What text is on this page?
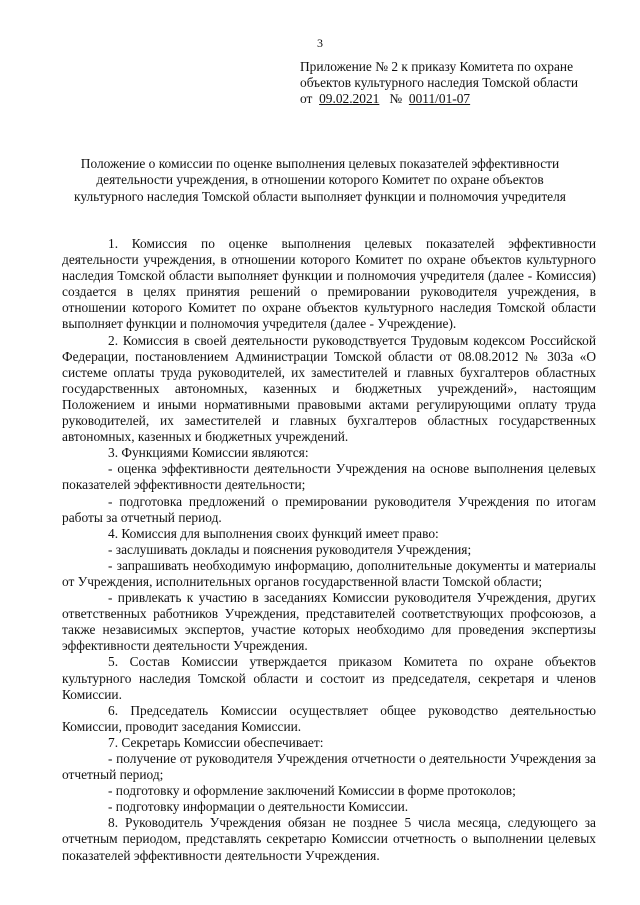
3
Приложение № 2 к приказу Комитета по охране
объектов культурного наследия Томской области
от 09.02.2021 № 0011/01-07
Положение о комиссии по оценке выполнения целевых показателей эффективности деятельности учреждения, в отношении которого Комитет по охране объектов культурного наследия Томской области выполняет функции и полномочия учредителя

1. Комиссия по оценке выполнения целевых показателей эффективности деятельности учреждения, в отношении которого Комитет по охране объектов культурного наследия Томской области выполняет функции и полномочия учредителя (далее - Комиссия) создается в целях принятия решений о премировании руководителя учреждения, в отношении которого Комитет по охране объектов культурного наследия Томской области выполняет функции и полномочия учредителя (далее - Учреждение).

2. Комиссия в своей деятельности руководствуется Трудовым кодексом Российской Федерации, постановлением Администрации Томской области от 08.08.2012 № 303а «О системе оплаты труда руководителей, их заместителей и главных бухгалтеров областных государственных автономных, казенных и бюджетных учреждений», настоящим Положением и иными нормативными правовыми актами регулирующими оплату труда руководителей, их заместителей и главных бухгалтеров областных государственных автономных, казенных и бюджетных учреждений.

3. Функциями Комиссии являются:

- оценка эффективности деятельности Учреждения на основе выполнения целевых показателей эффективности деятельности;

- подготовка предложений о премировании руководителя Учреждения по итогам работы за отчетный период.

4. Комиссия для выполнения своих функций имеет право:

- заслушивать доклады и пояснения руководителя Учреждения;

- запрашивать необходимую информацию, дополнительные документы и материалы от Учреждения, исполнительных органов государственной власти Томской области;

- привлекать к участию в заседаниях Комиссии руководителя Учреждения, других ответственных работников Учреждения, представителей соответствующих профсоюзов, а также независимых экспертов, участие которых необходимо для проведения экспертизы эффективности деятельности Учреждения.

5. Состав Комиссии утверждается приказом Комитета по охране объектов культурного наследия Томской области и состоит из председателя, секретаря и членов Комиссии.

6. Председатель Комиссии осуществляет общее руководство деятельностью Комиссии, проводит заседания Комиссии.

7. Секретарь Комиссии обеспечивает:

- получение от руководителя Учреждения отчетности о деятельности Учреждения за отчетный период;

- подготовку и оформление заключений Комиссии в форме протоколов;

- подготовку информации о деятельности Комиссии.

8. Руководитель Учреждения обязан не позднее 5 числа месяца, следующего за отчетным периодом, представлять секретарю Комиссии отчетность о выполнении целевых показателей эффективности деятельности Учреждения.
